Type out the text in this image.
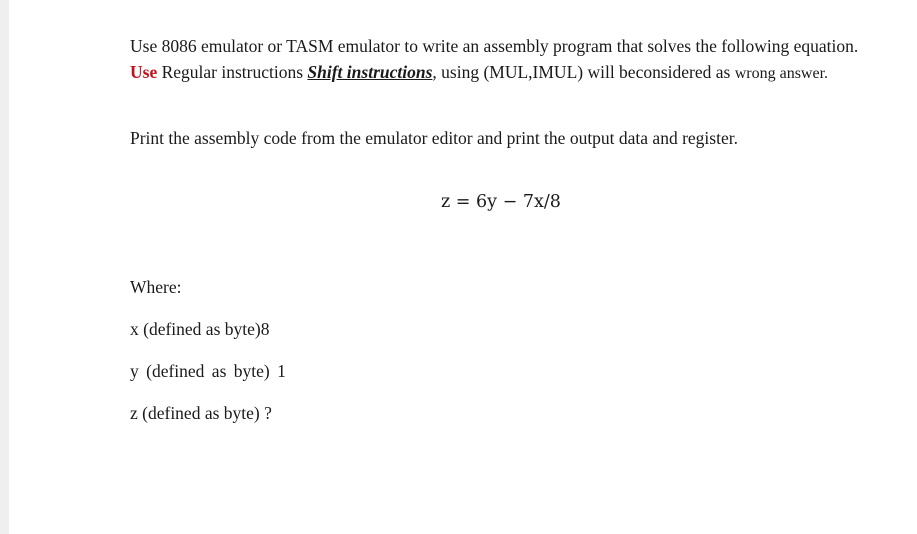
Use 8086 emulator or TASM emulator to write an assembly program that solves the following equation. Use Regular instructions Shift instructions, using (MUL,IMUL) will beconsidered as wrong answer.

Print the assembly code from the emulator editor and print the output data and register.

z = 6y − 7x/8

Where:

x (defined as byte)8

y (defined as byte) 1

z (defined as byte) ?
